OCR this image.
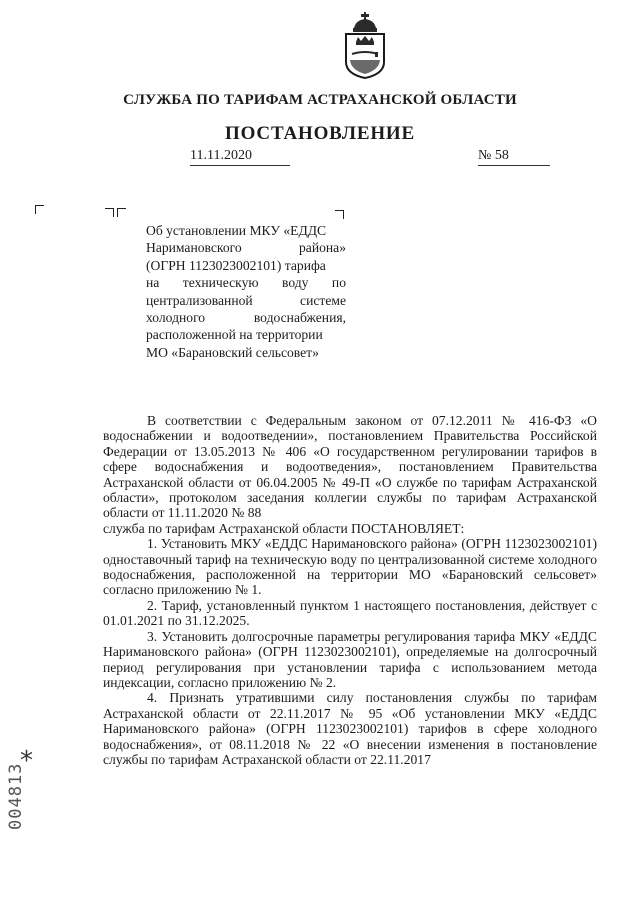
СЛУЖБА ПО ТАРИФАМ АСТРАХАНСКОЙ ОБЛАСТИ
ПОСТАНОВЛЕНИЕ
11.11.2020	№ 58
Об установлении МКУ «ЕДДС
Наримановского района»
(ОГРН 1123023002101) тарифа
на техническую воду по
централизованной системе
холодного водоснабжения,
расположенной на территории
МО «Барановский сельсовет»

В соответствии с Федеральным законом от 07.12.2011 № 416-ФЗ «О водоснабжении и водоотведении», постановлением Правительства Российской Федерации от 13.05.2013 № 406 «О государственном регулировании тарифов в сфере водоснабжения и водоотведения», постановлением Правительства Астраханской области от 06.04.2005 № 49-П «О службе по тарифам Астраханской области», протоколом заседания коллегии службы по тарифам Астраханской области от 11.11.2020 № 88

служба по тарифам Астраханской области ПОСТАНОВЛЯЕТ:

1. Установить МКУ «ЕДДС Наримановского района» (ОГРН 1123023002101) одноставочный тариф на техническую воду по централизованной системе холодного водоснабжения, расположенной на территории МО «Барановский сельсовет» согласно приложению № 1.

2. Тариф, установленный пунктом 1 настоящего постановления, действует с 01.01.2021 по 31.12.2025.

3. Установить долгосрочные параметры регулирования тарифа МКУ «ЕДДС Наримановского района» (ОГРН 1123023002101), определяемые на долгосрочный период регулирования при установлении тарифа с использованием метода индексации, согласно приложению № 2.

4. Признать утратившими силу постановления службы по тарифам Астраханской области от 22.11.2017 № 95 «Об установлении МКУ «ЕДДС Наримановского района» (ОГРН 1123023002101) тарифов в сфере холодного водоснабжения», от 08.11.2018 № 22 «О внесении изменения в постановление службы по тарифам Астраханской области от 22.11.2017

*
004813
